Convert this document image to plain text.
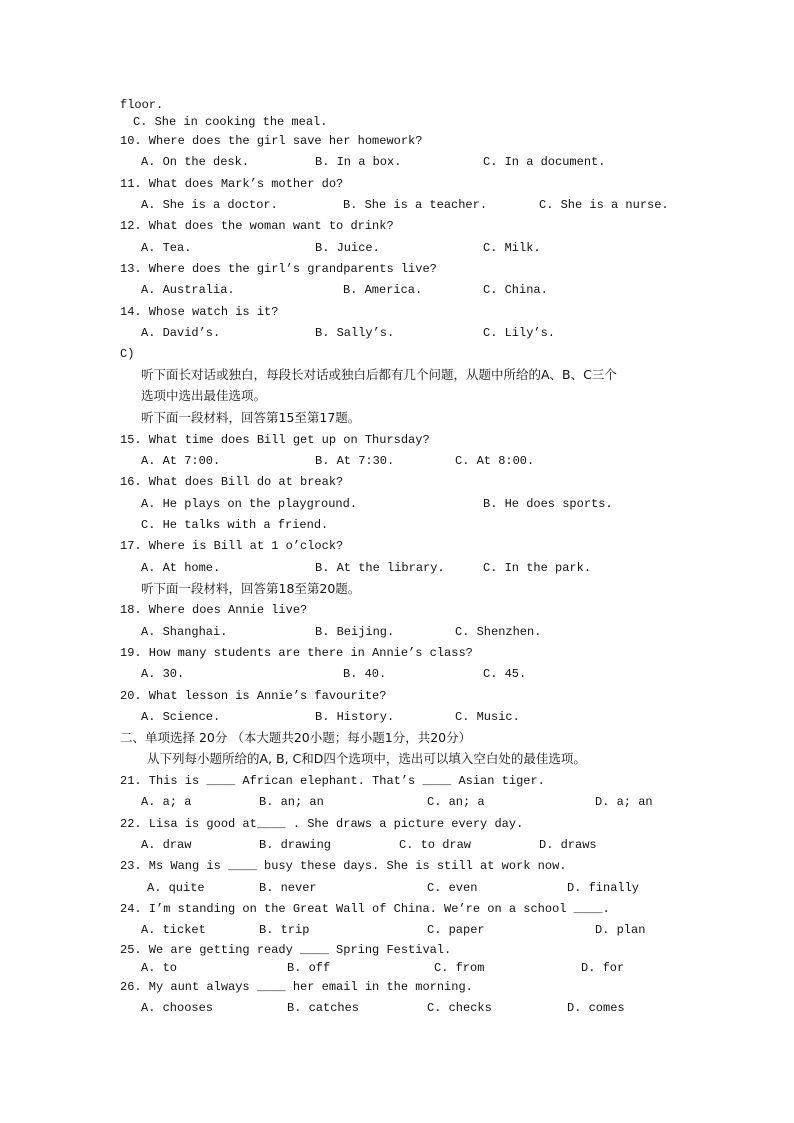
floor.
C. She in cooking the meal.
10. Where does the girl save her homework?
A. On the desk.	B. In a box.	C. In a document.
11. What does Mark’s mother do?
A. She is a doctor.	B. She is a teacher.	C. She is a nurse.
12. What does the woman want to drink?
A. Tea.	B. Juice.	C. Milk.
13. Where does the girl’s grandparents live?
A. Australia.	B. America.	C. China.
14. Whose watch is it?
A. David’s.	B. Sally’s.	C. Lily’s.
C)
听下面长对话或独白，每段长对话或独白后都有几个问题，从题中所给的A、B、C三个
选项中选出最佳选项。
听下面一段材料，回答第15至第17题。
15. What time does Bill get up on Thursday?
A. At 7:00.	B. At 7:30.	C. At 8:00.
16. What does Bill do at break?
A. He plays on the playground.	B. He does sports.
C. He talks with a friend.
17. Where is Bill at 1 o’clock?
A. At home.	B. At the library.	C. In the park.
听下面一段材料，回答第18至第20题。
18. Where does Annie live?
A. Shanghai.	B. Beijing.	C. Shenzhen.
19. How many students are there in Annie’s class?
A. 30.	B. 40.	C. 45.
20. What lesson is Annie’s favourite?
A. Science.	B. History.	C. Music.
二、单项选择 20分 （本大题共20小题；每小题1分，共20分）
从下列每小题所给的A, B, C和D四个选项中，选出可以填入空白处的最佳选项。
21. This is ____ African elephant. That’s ____ Asian tiger.
A. a; a	B. an; an	C. an; a	D. a; an
22. Lisa is good at____ . She draws a picture every day.
A. draw	B. drawing	C. to draw	D. draws
23. Ms Wang is ____ busy these days. She is still at work now.
A. quite	B. never	C. even	D. finally
24. I’m standing on the Great Wall of China. We’re on a school ____.
A. ticket	B. trip	C. paper	D. plan
25. We are getting ready ____ Spring Festival.
A. to	B. off	C. from	D. for
26. My aunt always ____ her email in the morning.
A. chooses	B. catches	C. checks	D. comes
